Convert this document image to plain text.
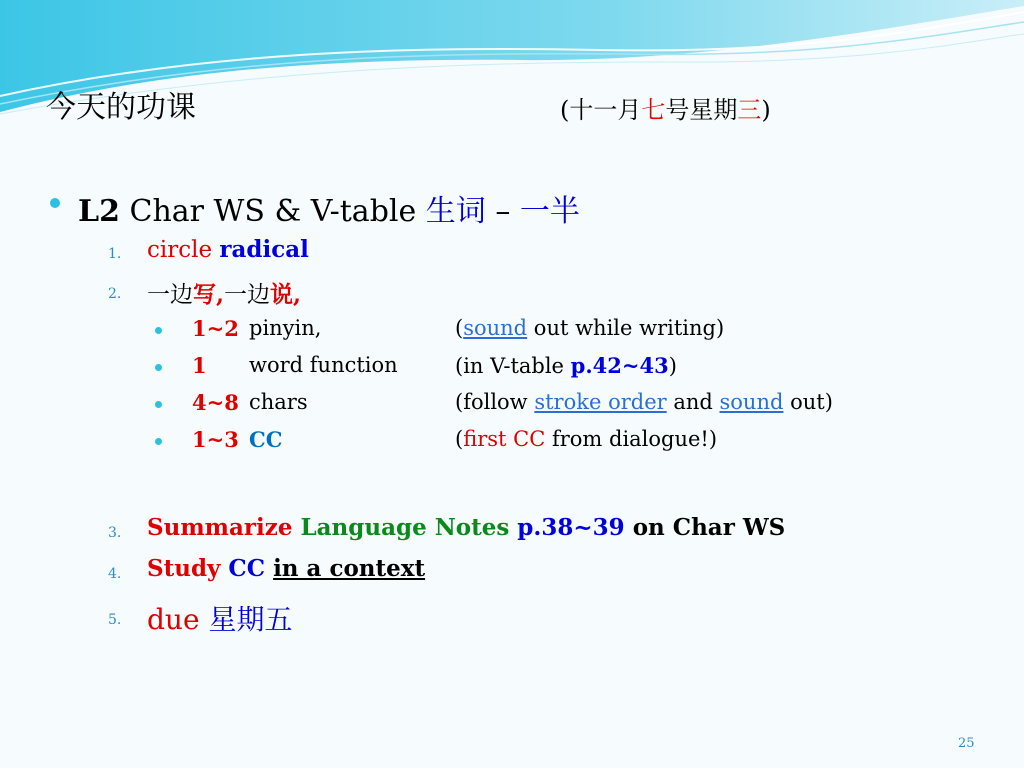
今天的功课	(十一月七号星期三)
L2 Char WS & V-table 生词 – 一半
1. circle radical
2. 一边写,一边说,
1~2 pinyin,	(sound out while writing)
1 word function	(in V-table p.42~43)
4~8 chars	(follow stroke order and sound out)
1~3 CC	(first CC from dialogue!)
3. Summarize Language Notes p.38~39 on Char WS
4. Study CC in a context
5. due 星期五
25
